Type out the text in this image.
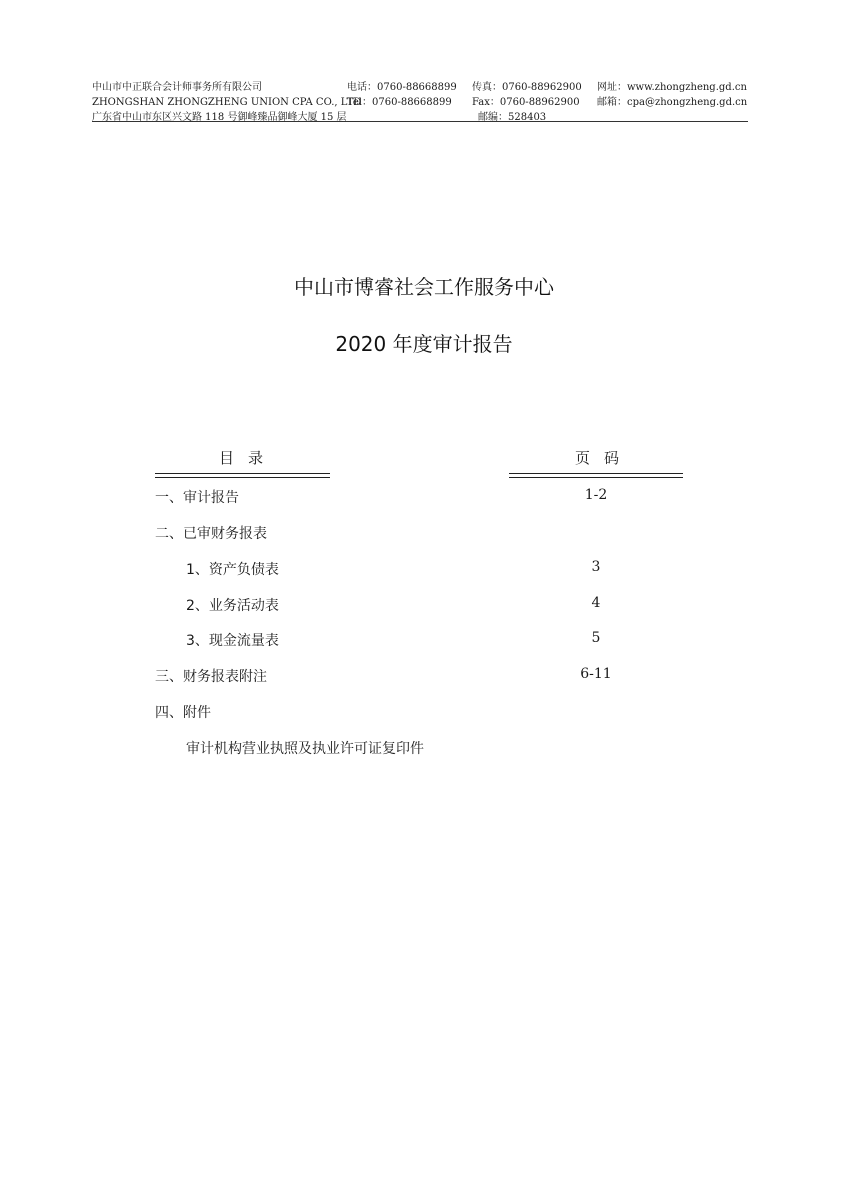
中山市中正联合会计师事务所有限公司	电话：0760-88668899 传真：0760-88962900 网址：www.zhongzheng.gd.cn
ZHONGSHAN ZHONGZHENG UNION CPA CO., LTD
Tel：0760-88668899 Fax：0760-88962900 邮箱：cpa@zhongzheng.gd.cn
广东省中山市东区兴文路 118 号御峰臻品御峰大厦 15 层	邮编：528403
中山市博睿社会工作服务中心
2020 年度审计报告
目录	页码
一、审计报告	1-2
二、已审财务报表
1、资产负债表	3
2、业务活动表	4
3、现金流量表	5
三、财务报表附注	6-11
四、附件
审计机构营业执照及执业许可证复印件
